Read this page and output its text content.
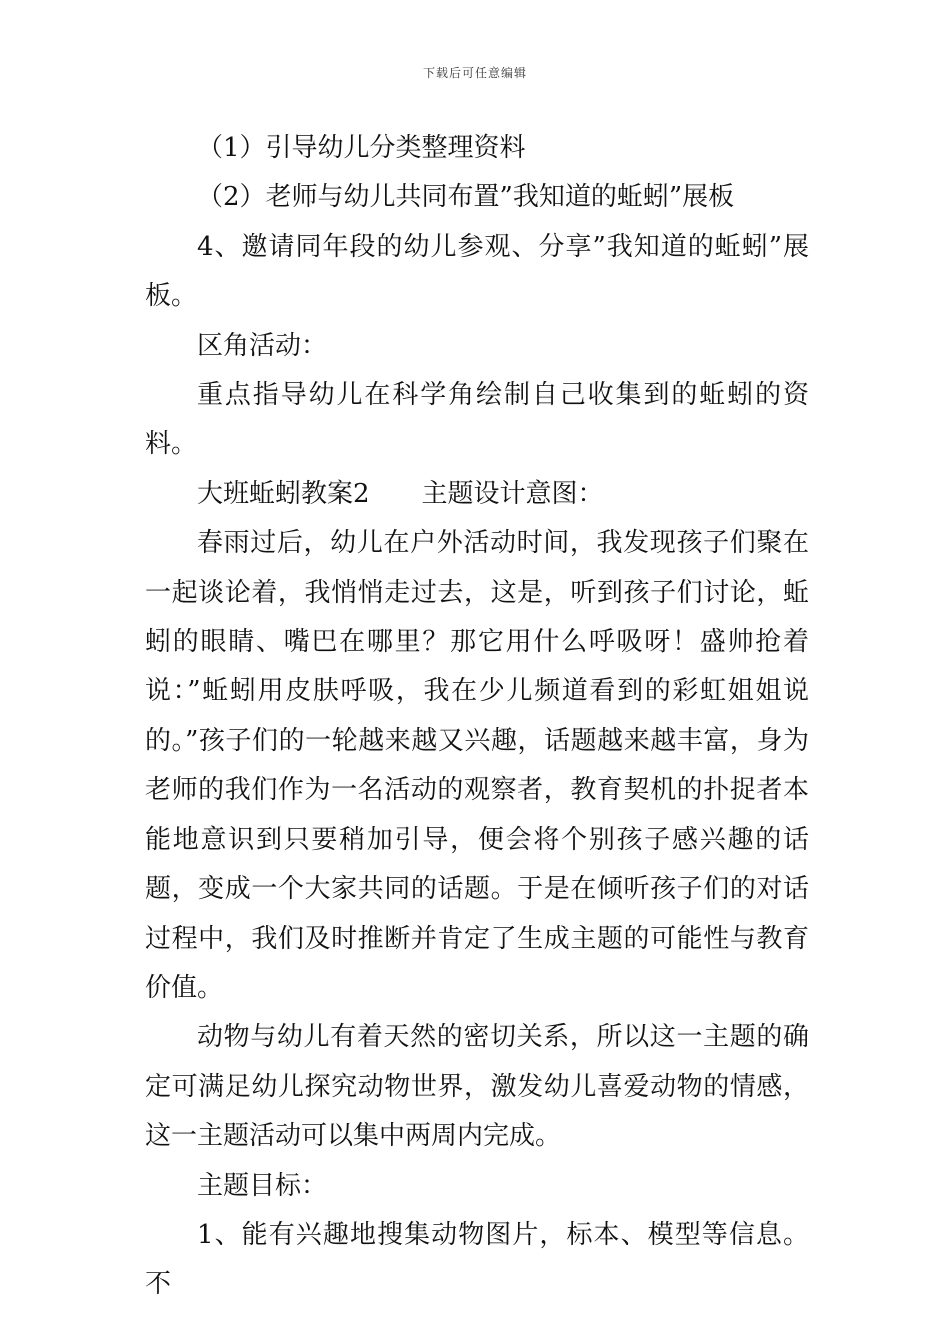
下载后可任意编辑

（1）引导幼儿分类整理资料

（2）老师与幼儿共同布置”我知道的蚯蚓”展板

4、邀请同年段的幼儿参观、分享”我知道的蚯蚓”展板。

区角活动：

重点指导幼儿在科学角绘制自己收集到的蚯蚓的资料。

大班蚯蚓教案2　　主题设计意图：

春雨过后，幼儿在户外活动时间，我发现孩子们聚在一起谈论着，我悄悄走过去，这是，听到孩子们讨论，蚯蚓的眼睛、嘴巴在哪里？那它用什么呼吸呀！盛帅抢着说：”蚯蚓用皮肤呼吸，我在少儿频道看到的彩虹姐姐说的。”孩子们的一轮越来越又兴趣，话题越来越丰富，身为老师的我们作为一名活动的观察者，教育契机的扑捉者本能地意识到只要稍加引导，便会将个别孩子感兴趣的话题，变成一个大家共同的话题。于是在倾听孩子们的对话过程中，我们及时推断并肯定了生成主题的可能性与教育价值。

动物与幼儿有着天然的密切关系，所以这一主题的确定可满足幼儿探究动物世界，激发幼儿喜爱动物的情感，这一主题活动可以集中两周内完成。

主题目标：

1、能有兴趣地搜集动物图片，标本、模型等信息。不
